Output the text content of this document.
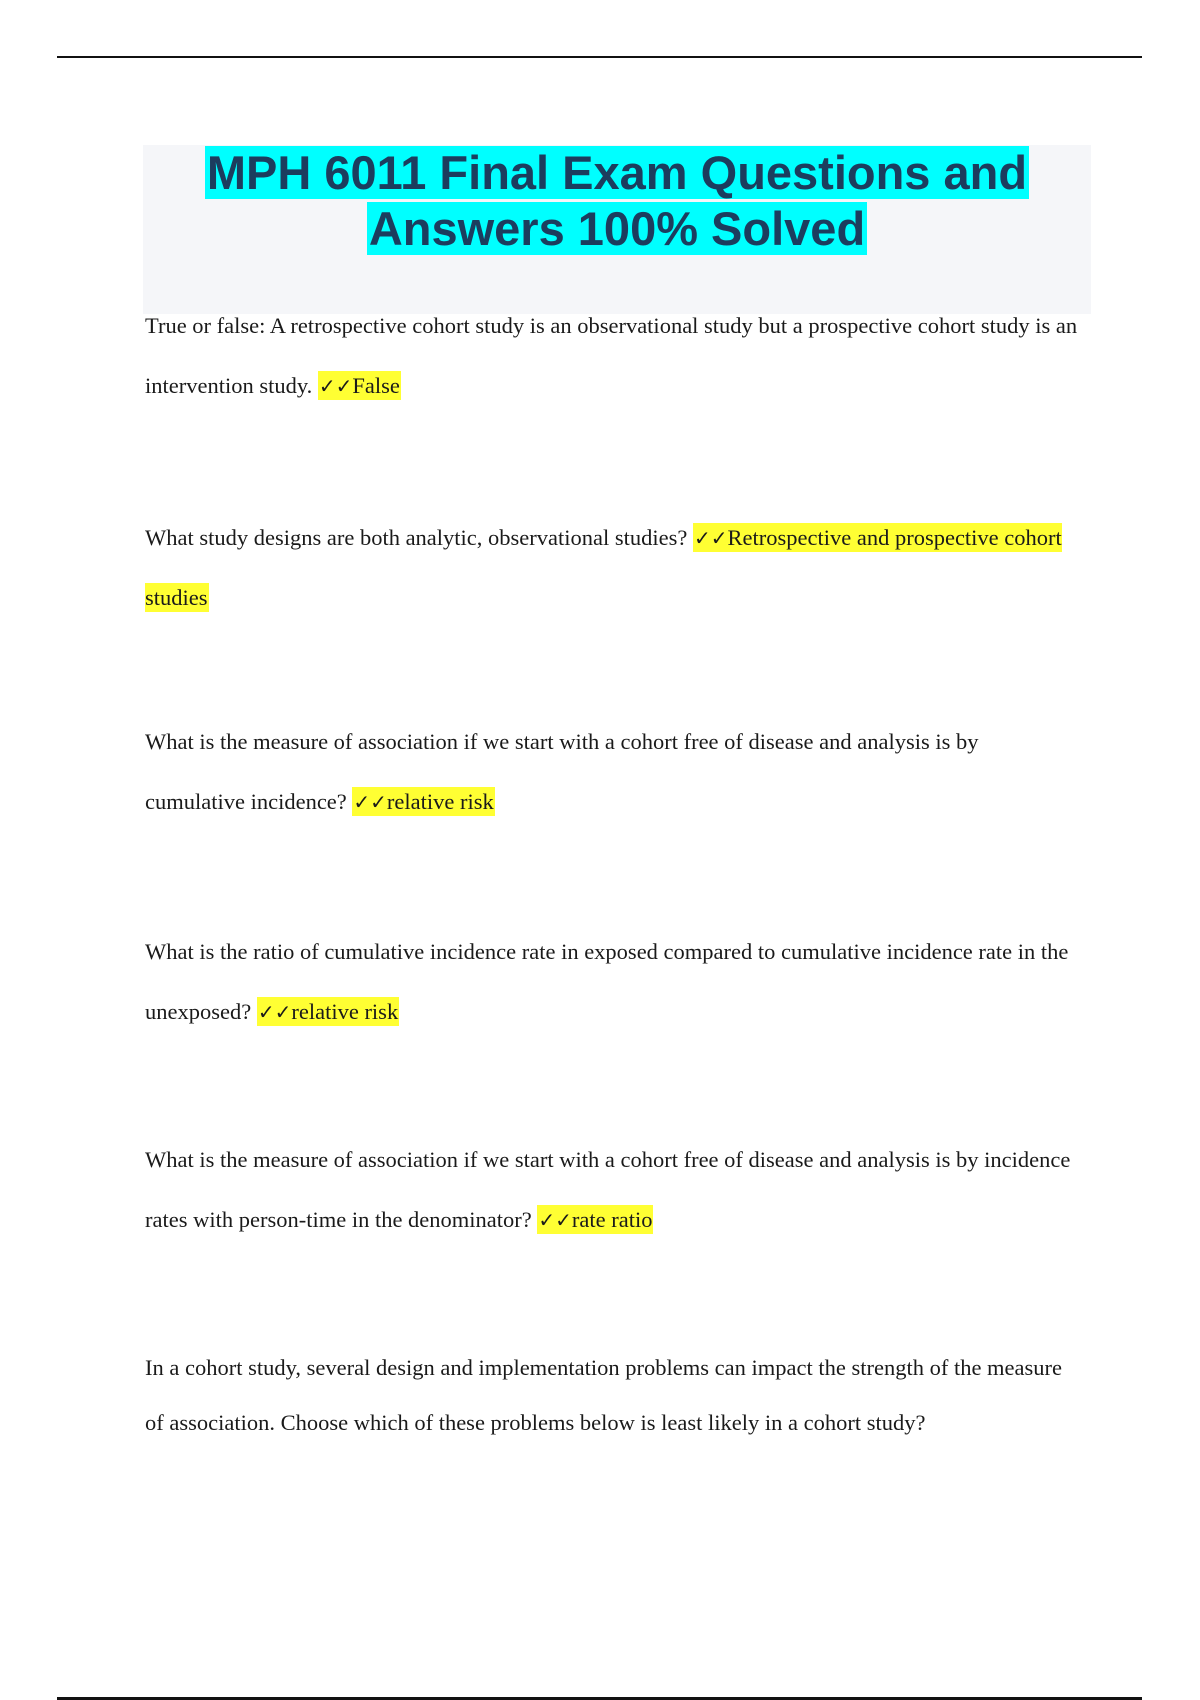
MPH 6011 Final Exam Questions and
Answers 100% Solved

True or false: A retrospective cohort study is an observational study but a prospective cohort study is an intervention study. ✓✓False

What study designs are both analytic, observational studies? ✓✓Retrospective and prospective cohort studies

What is the measure of association if we start with a cohort free of disease and analysis is by cumulative incidence? ✓✓relative risk

What is the ratio of cumulative incidence rate in exposed compared to cumulative incidence rate in the unexposed? ✓✓relative risk

What is the measure of association if we start with a cohort free of disease and analysis is by incidence rates with person-time in the denominator? ✓✓rate ratio

In a cohort study, several design and implementation problems can impact the strength of the measure of association. Choose which of these problems below is least likely in a cohort study?
